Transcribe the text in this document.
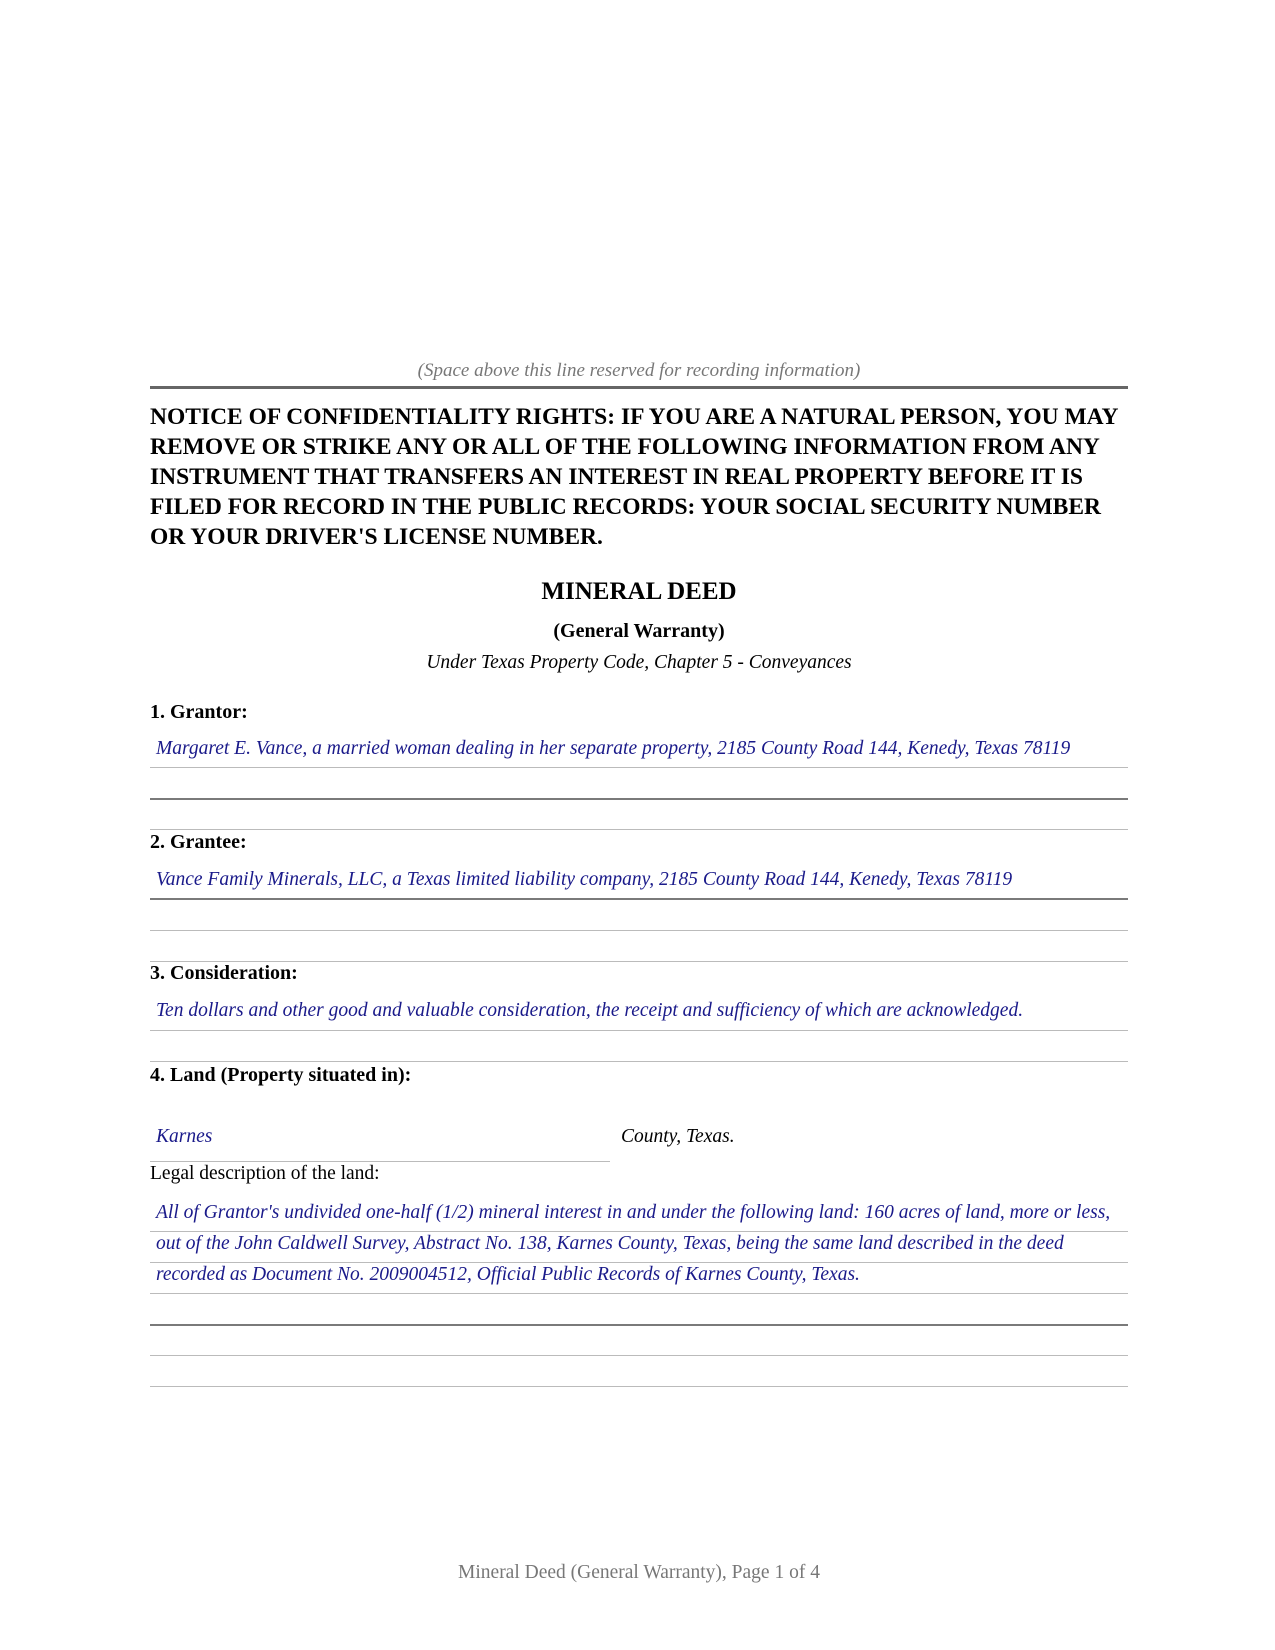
(Space above this line reserved for recording information)

NOTICE OF CONFIDENTIALITY RIGHTS: IF YOU ARE A NATURAL PERSON, YOU MAY REMOVE OR STRIKE ANY OR ALL OF THE FOLLOWING INFORMATION FROM ANY INSTRUMENT THAT TRANSFERS AN INTEREST IN REAL PROPERTY BEFORE IT IS FILED FOR RECORD IN THE PUBLIC RECORDS: YOUR SOCIAL SECURITY NUMBER OR YOUR DRIVER'S LICENSE NUMBER.

MINERAL DEED
(General Warranty)
Under Texas Property Code, Chapter 5 - Conveyances
1. Grantor:
Margaret E. Vance, a married woman dealing in her separate property, 2185 County Road 144, Kenedy, Texas 78119
2. Grantee:
Vance Family Minerals, LLC, a Texas limited liability company, 2185 County Road 144, Kenedy, Texas 78119
3. Consideration:
Ten dollars and other good and valuable consideration, the receipt and sufficiency of which are acknowledged.
4. Land (Property situated in):
Karnes	County, Texas.
Legal description of the land:
All of Grantor's undivided one-half (1/2) mineral interest in and under the following land: 160 acres of land, more or less, out of the John Caldwell Survey, Abstract No. 138, Karnes County, Texas, being the same land described in the deed recorded as Document No. 2009004512, Official Public Records of Karnes County, Texas.
Mineral Deed (General Warranty), Page 1 of 4
